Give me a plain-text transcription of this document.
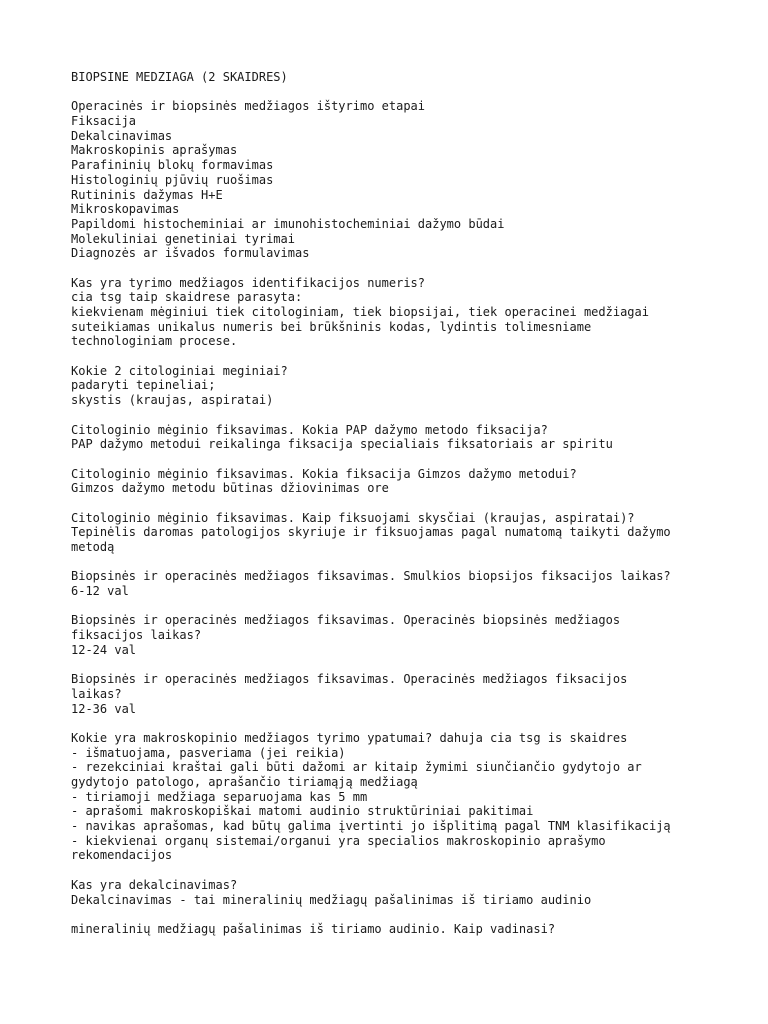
BIOPSINE MEDZIAGA (2 SKAIDRES)
Operacinės ir biopsinės medžiagos ištyrimo etapai
Fiksacija
Dekalcinavimas
Makroskopinis aprašymas
Parafininių blokų formavimas
Histologinių pjūvių ruošimas
Rutininis dažymas H+E
Mikroskopavimas
Papildomi histocheminiai ar imunohistocheminiai dažymo būdai
Molekuliniai genetiniai tyrimai
Diagnozės ar išvados formulavimas
Kas yra tyrimo medžiagos identifikacijos numeris?
cia tsg taip skaidrese parasyta:
kiekvienam mėginiui tiek citologiniam, tiek biopsijai, tiek operacinei medžiagai
suteikiamas unikalus numeris bei brūkšninis kodas, lydintis tolimesniame
technologiniam procese.
Kokie 2 citologiniai meginiai?
padaryti tepineliai;
skystis (kraujas, aspiratai)
Citologinio mėginio fiksavimas. Kokia PAP dažymo metodo fiksacija?
PAP dažymo metodui reikalinga fiksacija specialiais fiksatoriais ar spiritu
Citologinio mėginio fiksavimas. Kokia fiksacija Gimzos dažymo metodui?
Gimzos dažymo metodu būtinas džiovinimas ore
Citologinio mėginio fiksavimas. Kaip fiksuojami skysčiai (kraujas, aspiratai)?
Tepinėlis daromas patologijos skyriuje ir fiksuojamas pagal numatomą taikyti dažymo
metodą
Biopsinės ir operacinės medžiagos fiksavimas. Smulkios biopsijos fiksacijos laikas?
6-12 val
Biopsinės ir operacinės medžiagos fiksavimas. Operacinės biopsinės medžiagos
fiksacijos laikas?
12-24 val
Biopsinės ir operacinės medžiagos fiksavimas. Operacinės medžiagos fiksacijos
laikas?
12-36 val
Kokie yra makroskopinio medžiagos tyrimo ypatumai? dahuja cia tsg is skaidres
- išmatuojama, pasveriama (jei reikia)
- rezekciniai kraštai gali būti dažomi ar kitaip žymimi siunčiančio gydytojo ar
gydytojo patologo, aprašančio tiriamąją medžiagą
- tiriamoji medžiaga separuojama kas 5 mm
- aprašomi makroskopiškai matomi audinio struktūriniai pakitimai
- navikas aprašomas, kad būtų galima įvertinti jo išplitimą pagal TNM klasifikaciją
- kiekvienai organų sistemai/organui yra specialios makroskopinio aprašymo
rekomendacijos
Kas yra dekalcinavimas?
Dekalcinavimas - tai mineralinių medžiagų pašalinimas iš tiriamo audinio
mineralinių medžiagų pašalinimas iš tiriamo audinio. Kaip vadinasi?
